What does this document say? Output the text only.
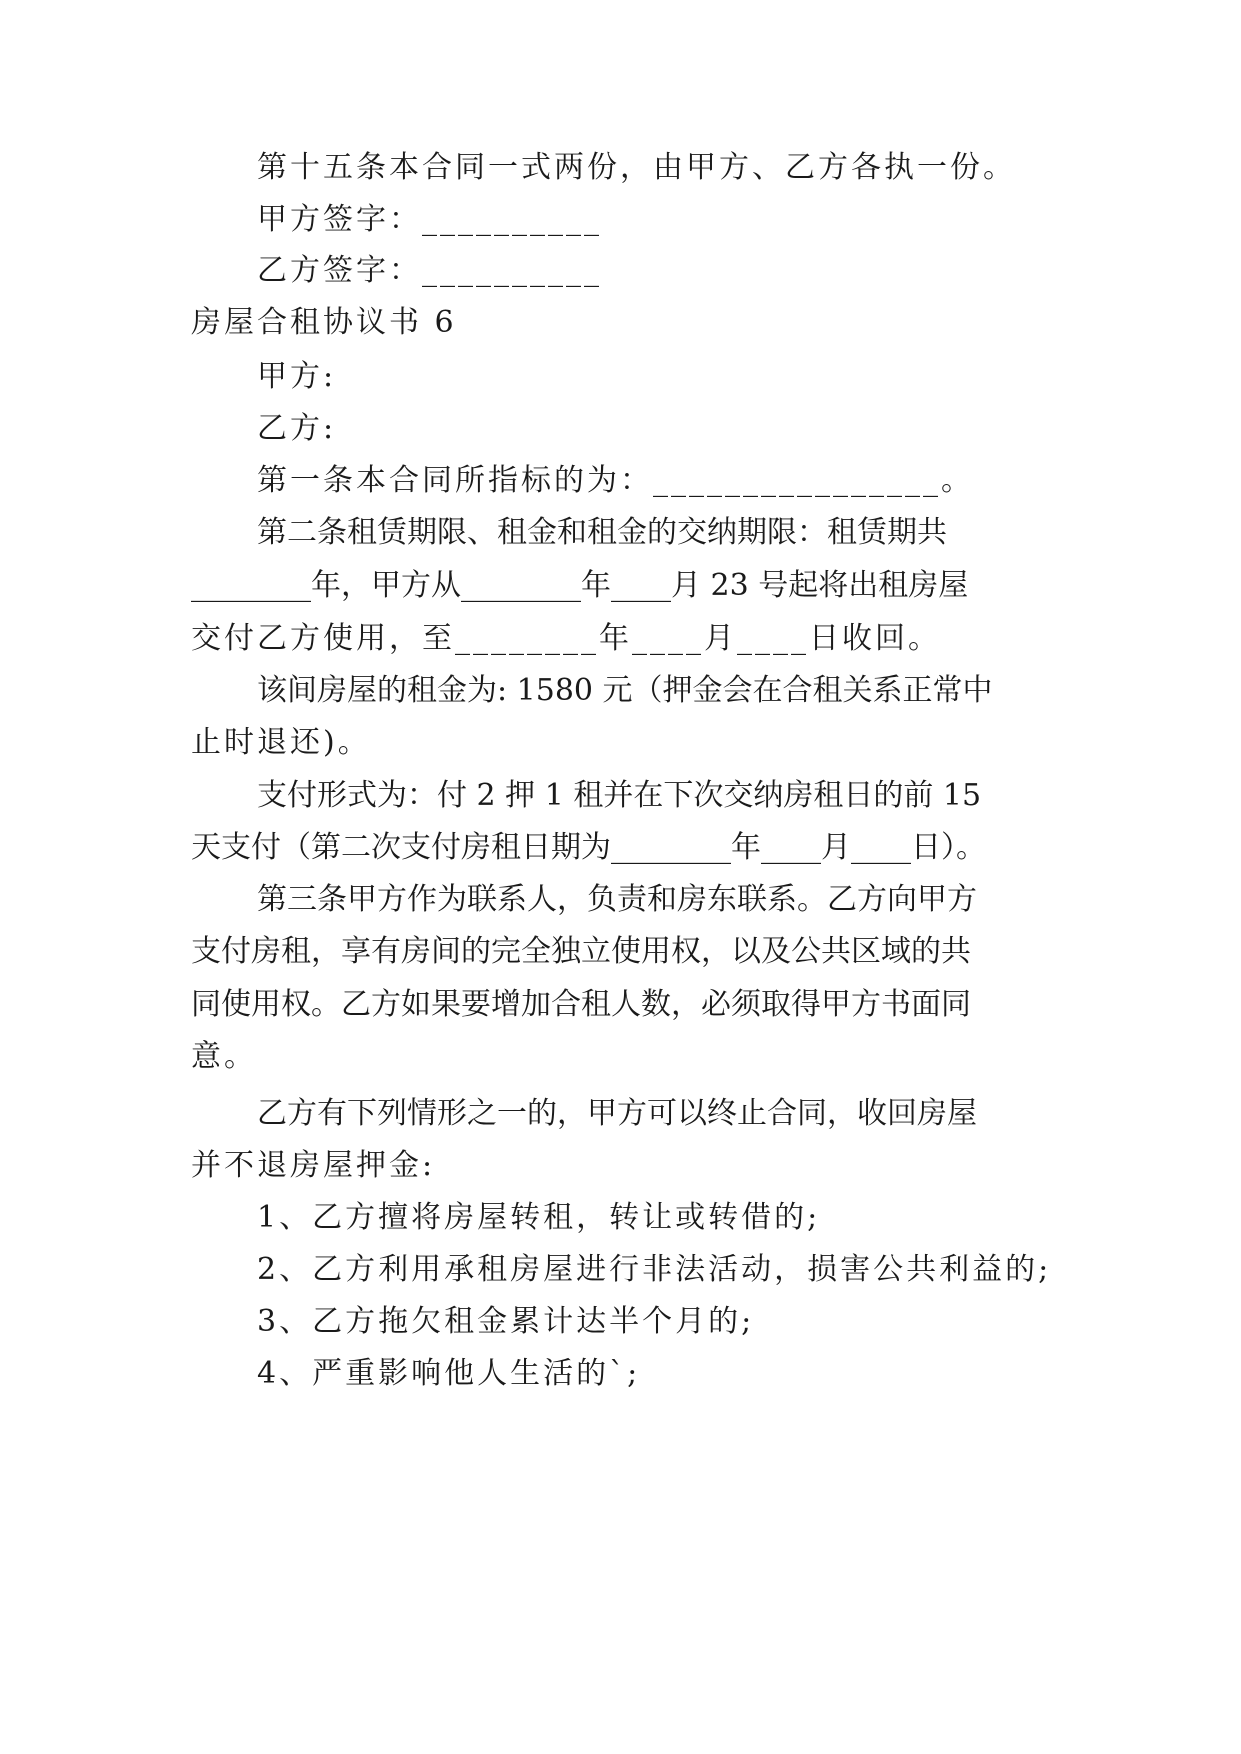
第十五条本合同一式两份，由甲方、乙方各执一份。
甲方签字：__________
乙方签字：__________
房屋合租协议书 6
甲方:
乙方:
第一条本合同所指标的为：________________。
第二条租赁期限、租金和租金的交纳期限：租赁期共
________年，甲方从________年____月 23 号起将出租房屋
交付乙方使用，至________年____月____日收回。
该间房屋的租金为: 1580 元（押金会在合租关系正常中
止时退还)。
支付形式为：付 2 押 1 租并在下次交纳房租日的前 15
天支付（第二次支付房租日期为________年____月____日）。
第三条甲方作为联系人，负责和房东联系。乙方向甲方
支付房租，享有房间的完全独立使用权，以及公共区域的共
同使用权。乙方如果要增加合租人数，必须取得甲方书面同
意。
乙方有下列情形之一的，甲方可以终止合同，收回房屋
并不退房屋押金:
1、乙方擅将房屋转租，转让或转借的;
2、乙方利用承租房屋进行非法活动，损害公共利益的;
3、乙方拖欠租金累计达半个月的;
4、严重影响他人生活的`;
